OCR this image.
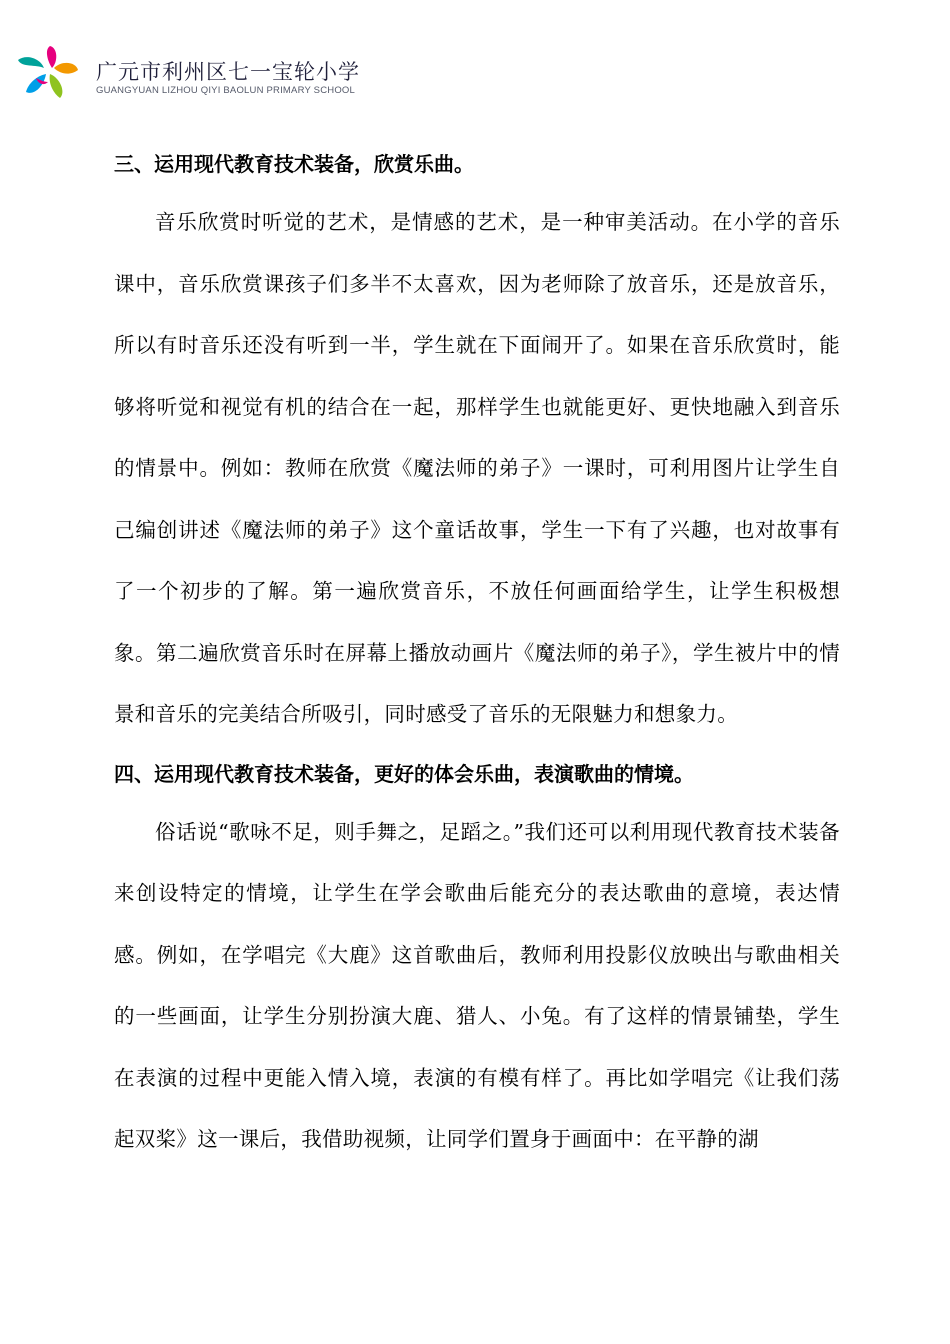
广元市利州区七一宝轮小学
GUANGYUAN LIZHOU QIYI BAOLUN PRIMARY SCHOOL

三、运用现代教育技术装备，欣赏乐曲。

音乐欣赏时听觉的艺术，是情感的艺术，是一种审美活动。在小学的音乐课中，音乐欣赏课孩子们多半不太喜欢，因为老师除了放音乐，还是放音乐，所以有时音乐还没有听到一半，学生就在下面闹开了。如果在音乐欣赏时，能够将听觉和视觉有机的结合在一起，那样学生也就能更好、更快地融入到音乐的情景中。例如：教师在欣赏《魔法师的弟子》一课时，可利用图片让学生自己编创讲述《魔法师的弟子》这个童话故事，学生一下有了兴趣，也对故事有了一个初步的了解。第一遍欣赏音乐，不放任何画面给学生，让学生积极想象。第二遍欣赏音乐时在屏幕上播放动画片《魔法师的弟子》，学生被片中的情景和音乐的完美结合所吸引，同时感受了音乐的无限魅力和想象力。

四、运用现代教育技术装备，更好的体会乐曲，表演歌曲的情境。

俗话说“歌咏不足，则手舞之，足蹈之。”我们还可以利用现代教育技术装备来创设特定的情境，让学生在学会歌曲后能充分的表达歌曲的意境，表达情感。例如，在学唱完《大鹿》这首歌曲后，教师利用投影仪放映出与歌曲相关的一些画面，让学生分别扮演大鹿、猎人、小兔。有了这样的情景铺垫，学生在表演的过程中更能入情入境，表演的有模有样了。再比如学唱完《让我们荡起双桨》这一课后，我借助视频，让同学们置身于画面中：在平静的湖
